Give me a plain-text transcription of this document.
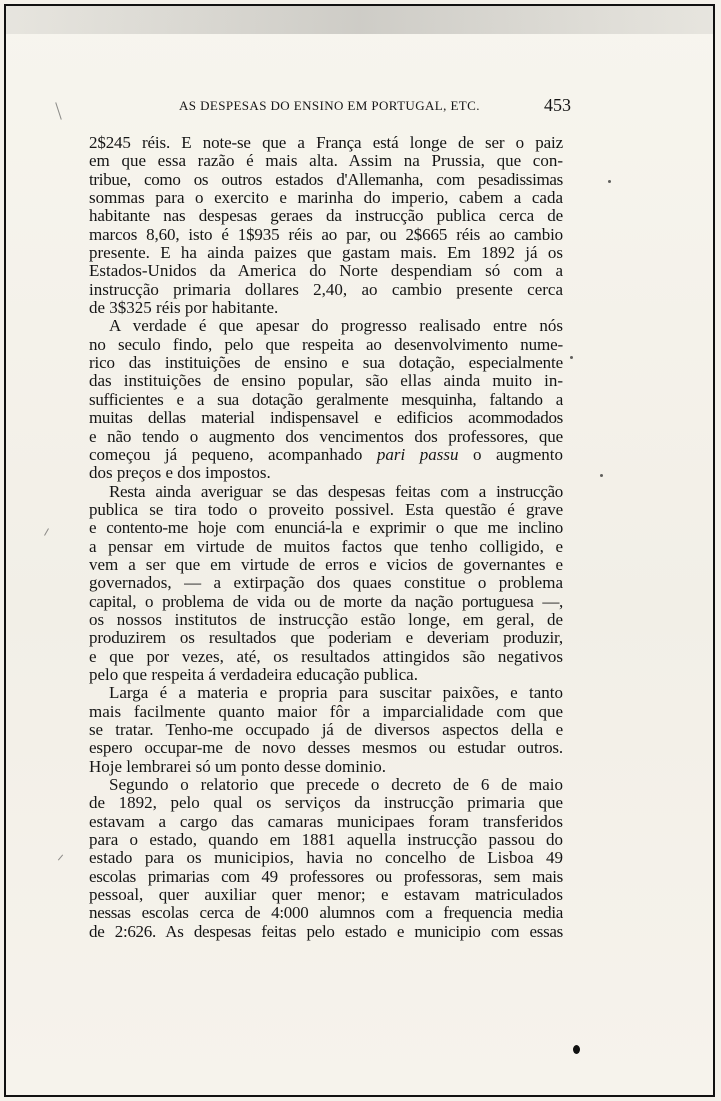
AS DESPESAS DO ENSINO EM PORTUGAL, ETC.	453
2$245 réis. E note-se que a França está longe de ser o paiz
em que essa razão é mais alta. Assim na Prussia, que con-
tribue, como os outros estados d'Allemanha, com pesadissimas
sommas para o exercito e marinha do imperio, cabem a cada
habitante nas despesas geraes da instrucção publica cerca de
marcos 8,60, isto é 1$935 réis ao par, ou 2$665 réis ao cambio
presente. E ha ainda paizes que gastam mais. Em 1892 já os
Estados-Unidos da America do Norte despendiam só com a
instrucção primaria dollares 2,40, ao cambio presente cerca
de 3$325 réis por habitante.
A verdade é que apesar do progresso realisado entre nós
no seculo findo, pelo que respeita ao desenvolvimento nume-
rico das instituições de ensino e sua dotação, especialmente
das instituições de ensino popular, são ellas ainda muito in-
sufficientes e a sua dotação geralmente mesquinha, faltando a
muitas dellas material indispensavel e edificios acommodados
e não tendo o augmento dos vencimentos dos professores, que
começou já pequeno, acompanhado pari passu o augmento
dos preços e dos impostos.
Resta ainda averiguar se das despesas feitas com a instrucção
publica se tira todo o proveito possivel. Esta questão é grave
e contento-me hoje com enunciá-la e exprimir o que me inclino
a pensar em virtude de muitos factos que tenho colligido, e
vem a ser que em virtude de erros e vicios de governantes e
governados, — a extirpação dos quaes constitue o problema
capital, o problema de vida ou de morte da nação portuguesa —,
os nossos institutos de instrucção estão longe, em geral, de
produzirem os resultados que poderiam e deveriam produzir,
e que por vezes, até, os resultados attingidos são negativos
pelo que respeita á verdadeira educação publica.
Larga é a materia e propria para suscitar paixões, e tanto
mais facilmente quanto maior fôr a imparcialidade com que
se tratar. Tenho-me occupado já de diversos aspectos della e
espero occupar-me de novo desses mesmos ou estudar outros.
Hoje lembrarei só um ponto desse dominio.
Segundo o relatorio que precede o decreto de 6 de maio
de 1892, pelo qual os serviços da instrucção primaria que
estavam a cargo das camaras municipaes foram transferidos
para o estado, quando em 1881 aquella instrucção passou do
estado para os municipios, havia no concelho de Lisboa 49
escolas primarias com 49 professores ou professoras, sem mais
pessoal, quer auxiliar quer menor; e estavam matriculados
nessas escolas cerca de 4:000 alumnos com a frequencia media
de 2:626. As despesas feitas pelo estado e municipio com essas
